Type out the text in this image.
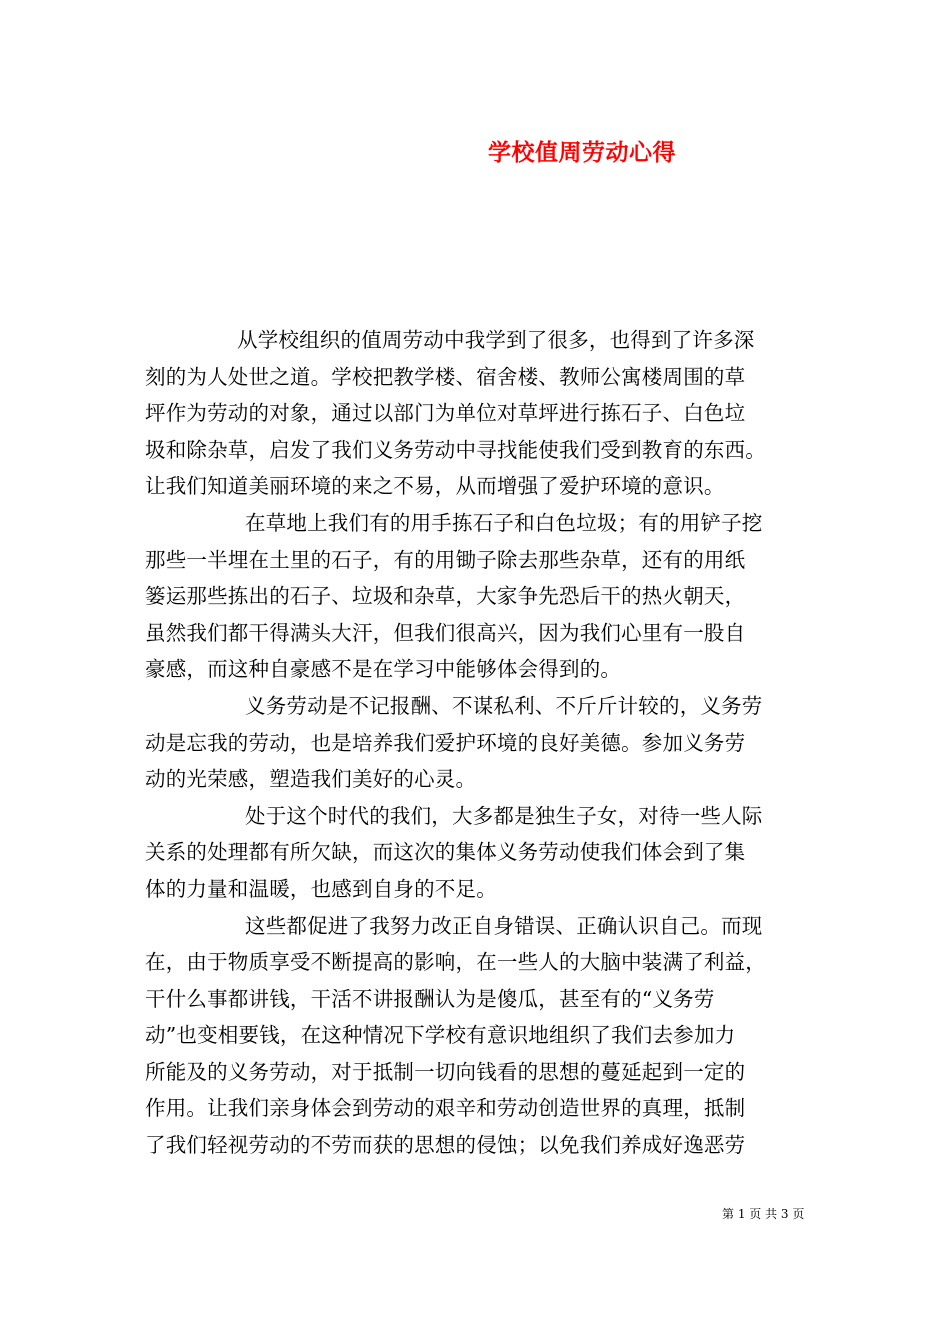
学校值周劳动心得
从学校组织的值周劳动中我学到了很多，也得到了许多深
刻的为人处世之道。学校把教学楼、宿舍楼、教师公寓楼周围的草
坪作为劳动的对象，通过以部门为单位对草坪进行拣石子、白色垃
圾和除杂草，启发了我们义务劳动中寻找能使我们受到教育的东西。
让我们知道美丽环境的来之不易，从而增强了爱护环境的意识。
在草地上我们有的用手拣石子和白色垃圾；有的用铲子挖
那些一半埋在土里的石子，有的用锄子除去那些杂草，还有的用纸
篓运那些拣出的石子、垃圾和杂草，大家争先恐后干的热火朝天，
虽然我们都干得满头大汗，但我们很高兴，因为我们心里有一股自
豪感，而这种自豪感不是在学习中能够体会得到的。
义务劳动是不记报酬、不谋私利、不斤斤计较的，义务劳
动是忘我的劳动，也是培养我们爱护环境的良好美德。参加义务劳
动的光荣感，塑造我们美好的心灵。
处于这个时代的我们，大多都是独生子女，对待一些人际
关系的处理都有所欠缺，而这次的集体义务劳动使我们体会到了集
体的力量和温暖，也感到自身的不足。
这些都促进了我努力改正自身错误、正确认识自己。而现
在，由于物质享受不断提高的影响，在一些人的大脑中装满了利益，
干什么事都讲钱，干活不讲报酬认为是傻瓜，甚至有的“义务劳
动”也变相要钱，在这种情况下学校有意识地组织了我们去参加力
所能及的义务劳动，对于抵制一切向钱看的思想的蔓延起到一定的
作用。让我们亲身体会到劳动的艰辛和劳动创造世界的真理，抵制
了我们轻视劳动的不劳而获的思想的侵蚀；以免我们养成好逸恶劳
第 1 页 共 3 页
